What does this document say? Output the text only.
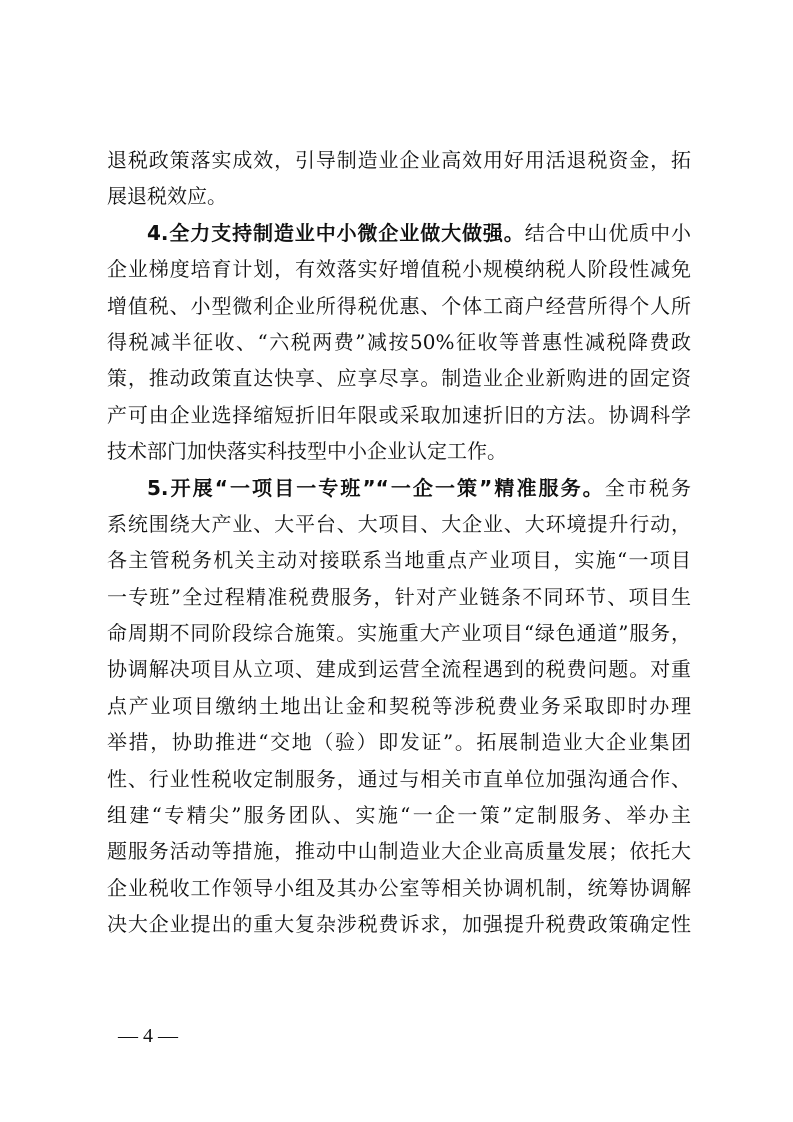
退税政策落实成效，引导制造业企业高效用好用活退税资金，拓
展退税效应。
4.全力支持制造业中小微企业做大做强。结合中山优质中小
企业梯度培育计划，有效落实好增值税小规模纳税人阶段性减免
增值税、小型微利企业所得税优惠、个体工商户经营所得个人所
得税减半征收、“六税两费”减按50%征收等普惠性减税降费政
策，推动政策直达快享、应享尽享。制造业企业新购进的固定资
产可由企业选择缩短折旧年限或采取加速折旧的方法。协调科学
技术部门加快落实科技型中小企业认定工作。
5.开展“一项目一专班”“一企一策”精准服务。全市税务
系统围绕大产业、大平台、大项目、大企业、大环境提升行动，
各主管税务机关主动对接联系当地重点产业项目，实施“一项目
一专班”全过程精准税费服务，针对产业链条不同环节、项目生
命周期不同阶段综合施策。实施重大产业项目“绿色通道”服务，
协调解决项目从立项、建成到运营全流程遇到的税费问题。对重
点产业项目缴纳土地出让金和契税等涉税费业务采取即时办理
举措，协助推进“交地（验）即发证”。拓展制造业大企业集团
性、行业性税收定制服务，通过与相关市直单位加强沟通合作、
组建“专精尖”服务团队、实施“一企一策”定制服务、举办主
题服务活动等措施，推动中山制造业大企业高质量发展；依托大
企业税收工作领导小组及其办公室等相关协调机制，统筹协调解
决大企业提出的重大复杂涉税费诉求，加强提升税费政策确定性
— 4 —
